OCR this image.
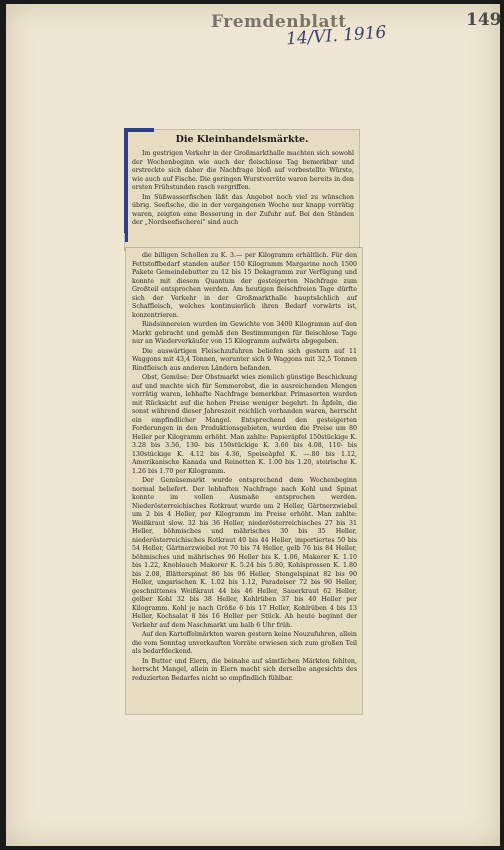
Fremdenblatt
14/VI. 1916
149
Die Kleinhandelsmärkte.

Im gestrigen Verkehr in der Großmarkthalle machten sich sowohl der Wochenbeginn wie auch der fleischlose Tag bemerkbar und erstreckte sich daher die Nachfrage bloß auf vorbestellte Würste, wie auch auf Fische. Die geringen Wurstvorräte waren bereits in den ersten Frühstunden rasch vergriffen.

Im Süßwasserfischen läßt das Angebot noch viel zu wünschen übrig. Seefische, die in der vergangenen Woche nur knapp vorrätig waren, zeigten eine Besserung in der Zufuhr auf. Bei den Ständen der „Nordseefischerei" sind auch

die billigen Schollen zu K. 3.— per Kilogramm erhältlich. Für den Fettstoffbedarf standen außer 150 Kilogramm Margarine noch 1500 Pakete Gemeindebutter zu 12 bis 15 Dekagramm zur Verfügung und konnte mit diesem Quantum der gesteigerten Nachfrage zum Großteil entsprochen werden. Am heutigen fleischfreien Tage dürfte sich der Verkehr in der Großmarkthalle hauptsächlich auf Schaffleisch, welches kontinuierlich ihren Bedarf vorwärts ist, konzentrieren.

Rindsinnereien wurden im Gewichte von 3400 Kilogramm auf den Markt gebracht und gemäß den Bestimmungen für fleischlose Tage nur an Wiederverkäufer von 15 Kilogramm aufwärts abgegeben.

Die auswärtigen Fleischzufuhren beliefen sich gestern auf 11 Waggons mit 43,4 Tonnen, worunter sich 9 Waggons mit 32,5 Tonnen Rindfleisch aus anderen Ländern befanden.

Obst, Gemüse: Der Obstmarkt wies ziemlich günstige Beschickung auf und machte sich für Sommerobst, die in ausreichenden Mengen vorrätig waren, lebhafte Nachfrage bemerkbar. Primasorten wurden mit Rücksicht auf die hohen Preise weniger begehrt. In Äpfeln, die sonst während dieser Jahreszeit reichlich vorhanden waren, herrscht ein empfindlicher Mangel. Entsprechend den gesteigerten Forderungen in den Produktionsgebieten, wurden die Preise um 80 Heller per Kilogramm erhöht. Man zahlte: Papieräpfel 150stückige K. 3.28 bis 3.56, 130- bis 150stückige K. 3.60 bis 4.08, 110- bis 130stückige K. 4.12 bis 4.36, Speiseäpfel K. —.80 bis 1.12, Amerikanische Kanada und Reinetten K. 1.00 bis 1.20, steirische K. 1.26 bis 1.70 per Kilogramm.

Der Gemüsemarkt wurde entsprechend dem Wochenbeginn normal beliefert. Der lebhaften Nachfrage nach Kohl und Spinat konnte im vollen Ausmaße entsprochen werden. Niederösterreichisches Rotkraut wurde um 2 Heller, Gärtnerzwiebel um 2 bis 4 Heller, per Kilogramm im Preise erhöht. Man zahlte: Weißkraut slow. 32 bis 36 Heller, niederösterreichisches 27 bis 31 Heller, böhmisches und mährisches 30 bis 35 Heller, niederösterreichisches Rotkraut 40 bis 44 Heller, importiertes 50 bis 54 Heller, Gärtnerzwiebel rot 70 bis 74 Heller, gelb 76 bis 84 Heller, böhmisches und mährisches 96 Heller bis K. 1.06, Makorer K. 1.10 bis 1.22, Knoblauch Makorer K. 5.24 bis 5.80, Kohlsprossen K. 1.80 bis 2.08, Blätterspinat 86 bis 96 Heller, Stengelspinat 82 bis 90 Heller, ungarischen K. 1.02 bis 1.12, Paradeiser 72 bis 90 Heller, geschnittenes Weißkraut 44 bis 46 Heller, Sauerkraut 62 Heller, gelber Kohl 32 bis 38 Heller, Kohlrüben 37 bis 40 Heller per Kilogramm. Kohl je nach Größe 6 bis 17 Heller, Kohlrüben 4 bis 13 Heller, Kochsalat 8 bis 16 Heller per Stück. Ab heute beginnt der Verkehr auf dem Naschmarkt um halb 6 Uhr früh.

Auf den Kartoffelmärkten waren gestern keine Neuzufuhren, allein die vom Sonntag unverkauften Vorräte erwiesen sich zum großen Teil als bedarfdeckend.

In Butter und Eiern, die beinahe auf sämtlichen Märkten fehlten, herrscht Mangel, allein in Eiern macht sich derselbe angesichts des reduzierten Bedarfes nicht so empfindlich fühlbar.
